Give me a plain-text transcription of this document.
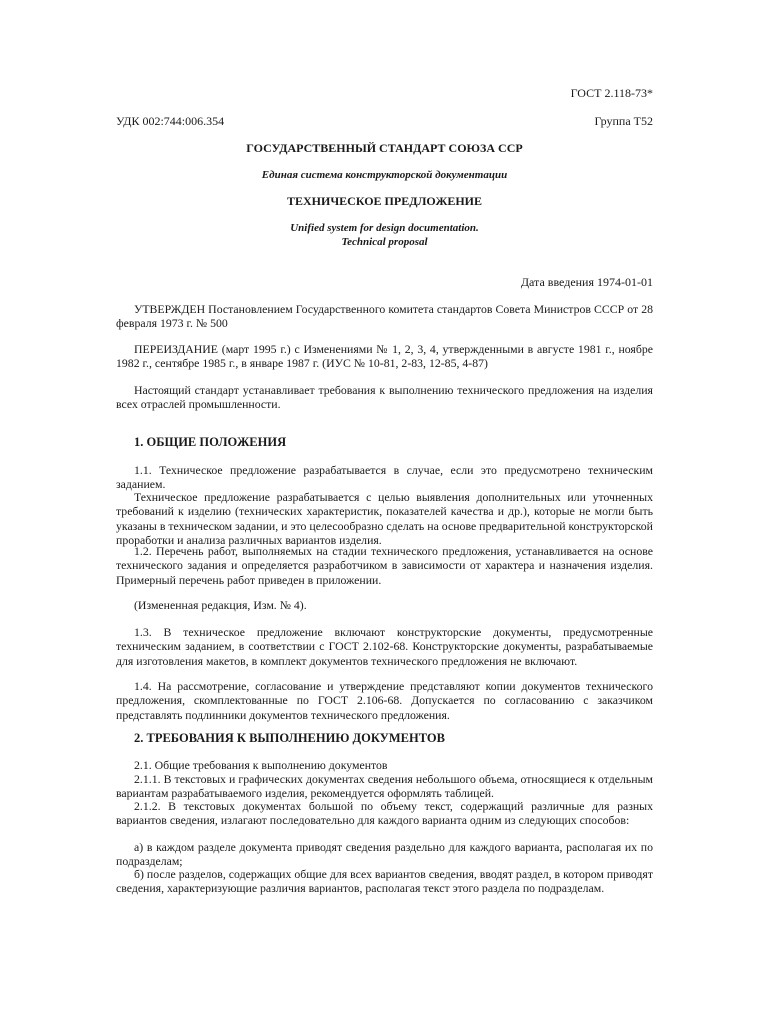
ГОСТ 2.118-73*
УДК 002:744:006.354	Группа Т52
ГОСУДАРСТВЕННЫЙ СТАНДАРТ СОЮЗА ССР
Единая система конструкторской документации
ТЕХНИЧЕСКОЕ ПРЕДЛОЖЕНИЕ
Unified system for design documentation.
Technical proposal
Дата введения 1974-01-01

УТВЕРЖДЕН Постановлением Государственного комитета стандартов Совета Министров СССР от 28 февраля 1973 г. № 500

ПЕРЕИЗДАНИЕ (март 1995 г.) с Изменениями № 1, 2, 3, 4, утвержденными в августе 1981 г., ноябре 1982 г., сентябре 1985 г., в январе 1987 г. (ИУС № 10-81, 2-83, 12-85, 4-87)

Настоящий стандарт устанавливает требования к выполнению технического предложения на изделия всех отраслей промышленности.

1. ОБЩИЕ ПОЛОЖЕНИЯ

1.1. Техническое предложение разрабатывается в случае, если это предусмотрено техническим заданием.

Техническое предложение разрабатывается с целью выявления дополнительных или уточненных требований к изделию (технических характеристик, показателей качества и др.), которые не могли быть указаны в техническом задании, и это целесообразно сделать на основе предварительной конструкторской проработки и анализа различных вариантов изделия.

1.2. Перечень работ, выполняемых на стадии технического предложения, устанавливается на основе технического задания и определяется разработчиком в зависимости от характера и назначения изделия. Примерный перечень работ приведен в приложении.

(Измененная редакция, Изм. № 4).

1.3. В техническое предложение включают конструкторские документы, предусмотренные техническим заданием, в соответствии с ГОСТ 2.102-68. Конструкторские документы, разрабатываемые для изготовления макетов, в комплект документов технического предложения не включают.

1.4. На рассмотрение, согласование и утверждение представляют копии документов технического предложения, скомплектованные по ГОСТ 2.106-68. Допускается по согласованию с заказчиком представлять подлинники документов технического предложения.

2. ТРЕБОВАНИЯ К ВЫПОЛНЕНИЮ ДОКУМЕНТОВ

2.1. Общие требования к выполнению документов

2.1.1. В текстовых и графических документах сведения небольшого объема, относящиеся к отдельным вариантам разрабатываемого изделия, рекомендуется оформлять таблицей.

2.1.2. В текстовых документах большой по объему текст, содержащий различные для разных вариантов сведения, излагают последовательно для каждого варианта одним из следующих способов:

а) в каждом разделе документа приводят сведения раздельно для каждого варианта, располагая их по подразделам;

б) после разделов, содержащих общие для всех вариантов сведения, вводят раздел, в котором приводят сведения, характеризующие различия вариантов, располагая текст этого раздела по подразделам.
